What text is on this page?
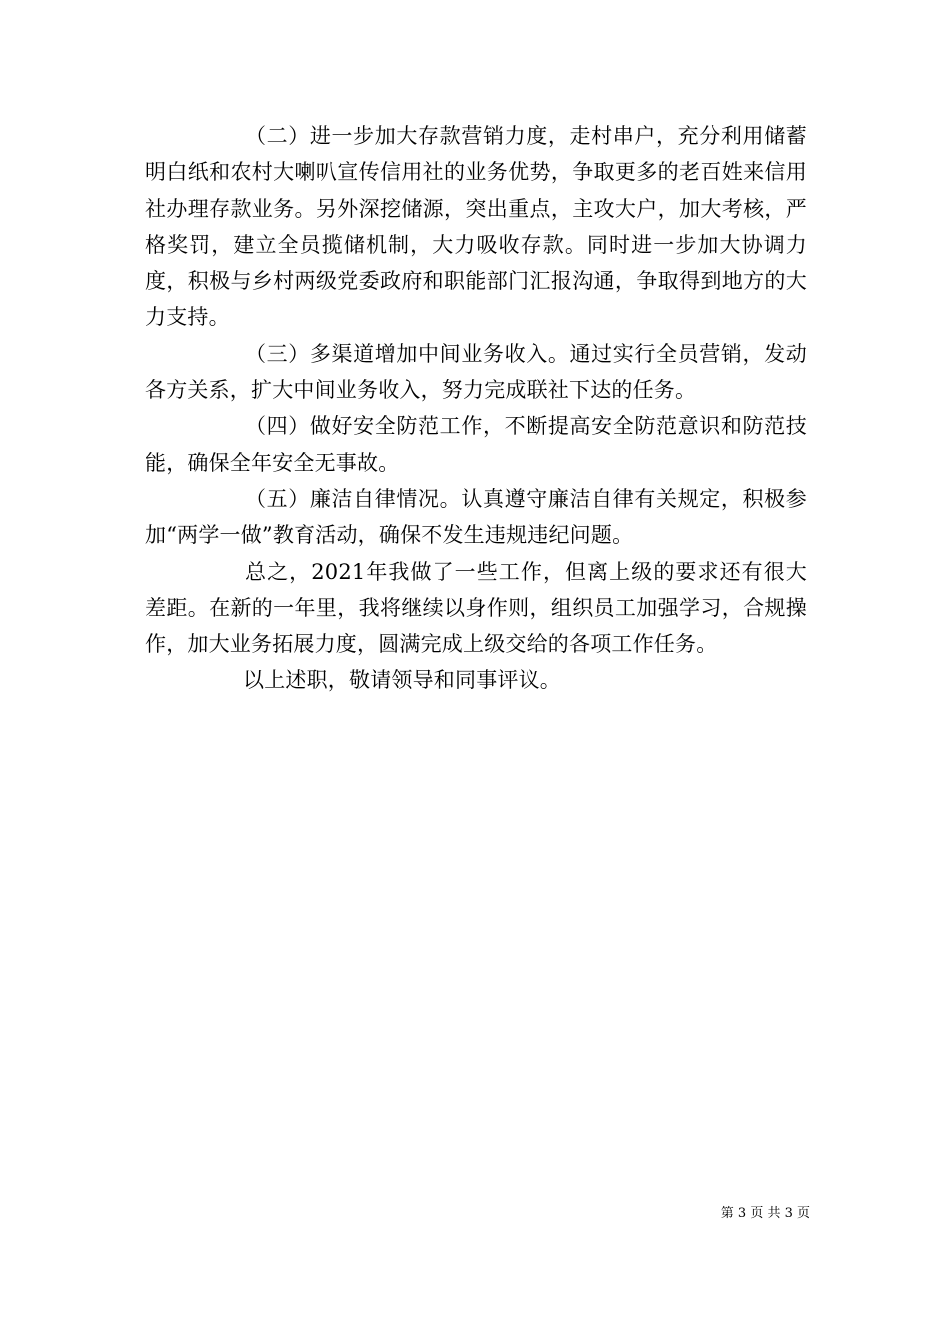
（二）进一步加大存款营销力度，走村串户，充分利用储蓄明白纸和农村大喇叭宣传信用社的业务优势，争取更多的老百姓来信用社办理存款业务。另外深挖储源，突出重点，主攻大户，加大考核，严格奖罚，建立全员揽储机制，大力吸收存款。同时进一步加大协调力度，积极与乡村两级党委政府和职能部门汇报沟通，争取得到地方的大力支持。

（三）多渠道增加中间业务收入。通过实行全员营销，发动各方关系，扩大中间业务收入，努力完成联社下达的任务。

（四）做好安全防范工作，不断提高安全防范意识和防范技能，确保全年安全无事故。

（五）廉洁自律情况。认真遵守廉洁自律有关规定，积极参加“两学一做”教育活动，确保不发生违规违纪问题。

总之，2021年我做了一些工作，但离上级的要求还有很大差距。在新的一年里，我将继续以身作则，组织员工加强学习，合规操作，加大业务拓展力度，圆满完成上级交给的各项工作任务。

以上述职，敬请领导和同事评议。

第 3 页 共 3 页
